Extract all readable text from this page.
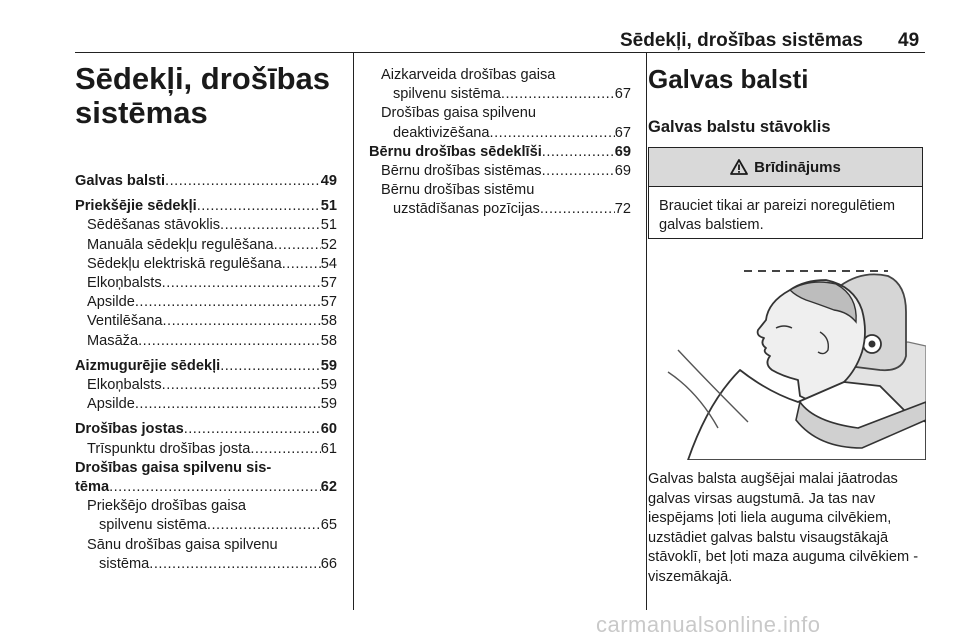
Sēdekļi, drošības sistēmas 49
Sēdekļi, drošības sistēmas
Galvas balsti .....	49
Priekšējie sēdekļi .....	51
Sēdēšanas stāvoklis .....	51
Manuāla sēdekļu regulēšana .....	52
Sēdekļu elektriskā regulēšana .....	54
Elkoņbalsts .....	57
Apsilde .....	57
Ventilēšana .....	58
Masāža .....	58
Aizmugurējie sēdekļi .....	59
Elkoņbalsts .....	59
Apsilde .....	59
Drošības jostas .....	60
Trīspunktu drošības josta .....	61
Drošības gaisa spilvenu sis-
tēma .....	62
Priekšējo drošības gaisa
spilvenu sistēma .....	65
Sānu drošības gaisa spilvenu
sistēma .....	66
Aizkarveida drošības gaisa
spilvenu sistēma .....	67
Drošības gaisa spilvenu
deaktivizēšana .....	67
Bērnu drošības sēdeklīši .....	69
Bērnu drošības sistēmas .....	69
Bērnu drošības sistēmu
uzstādīšanas pozīcijas .....	72
Galvas balsti
Galvas balstu stāvoklis
Brīdinājums
Brauciet tikai ar pareizi noregulētiem galvas balstiem.
Galvas balsta augšējai malai jāatrodas galvas virsas augstumā. Ja tas nav iespējams ļoti liela auguma cilvēkiem, uzstādiet galvas balstu visaugstākajā stāvoklī, bet ļoti maza auguma cilvēkiem - viszemākajā.
carmanualsonline.info
